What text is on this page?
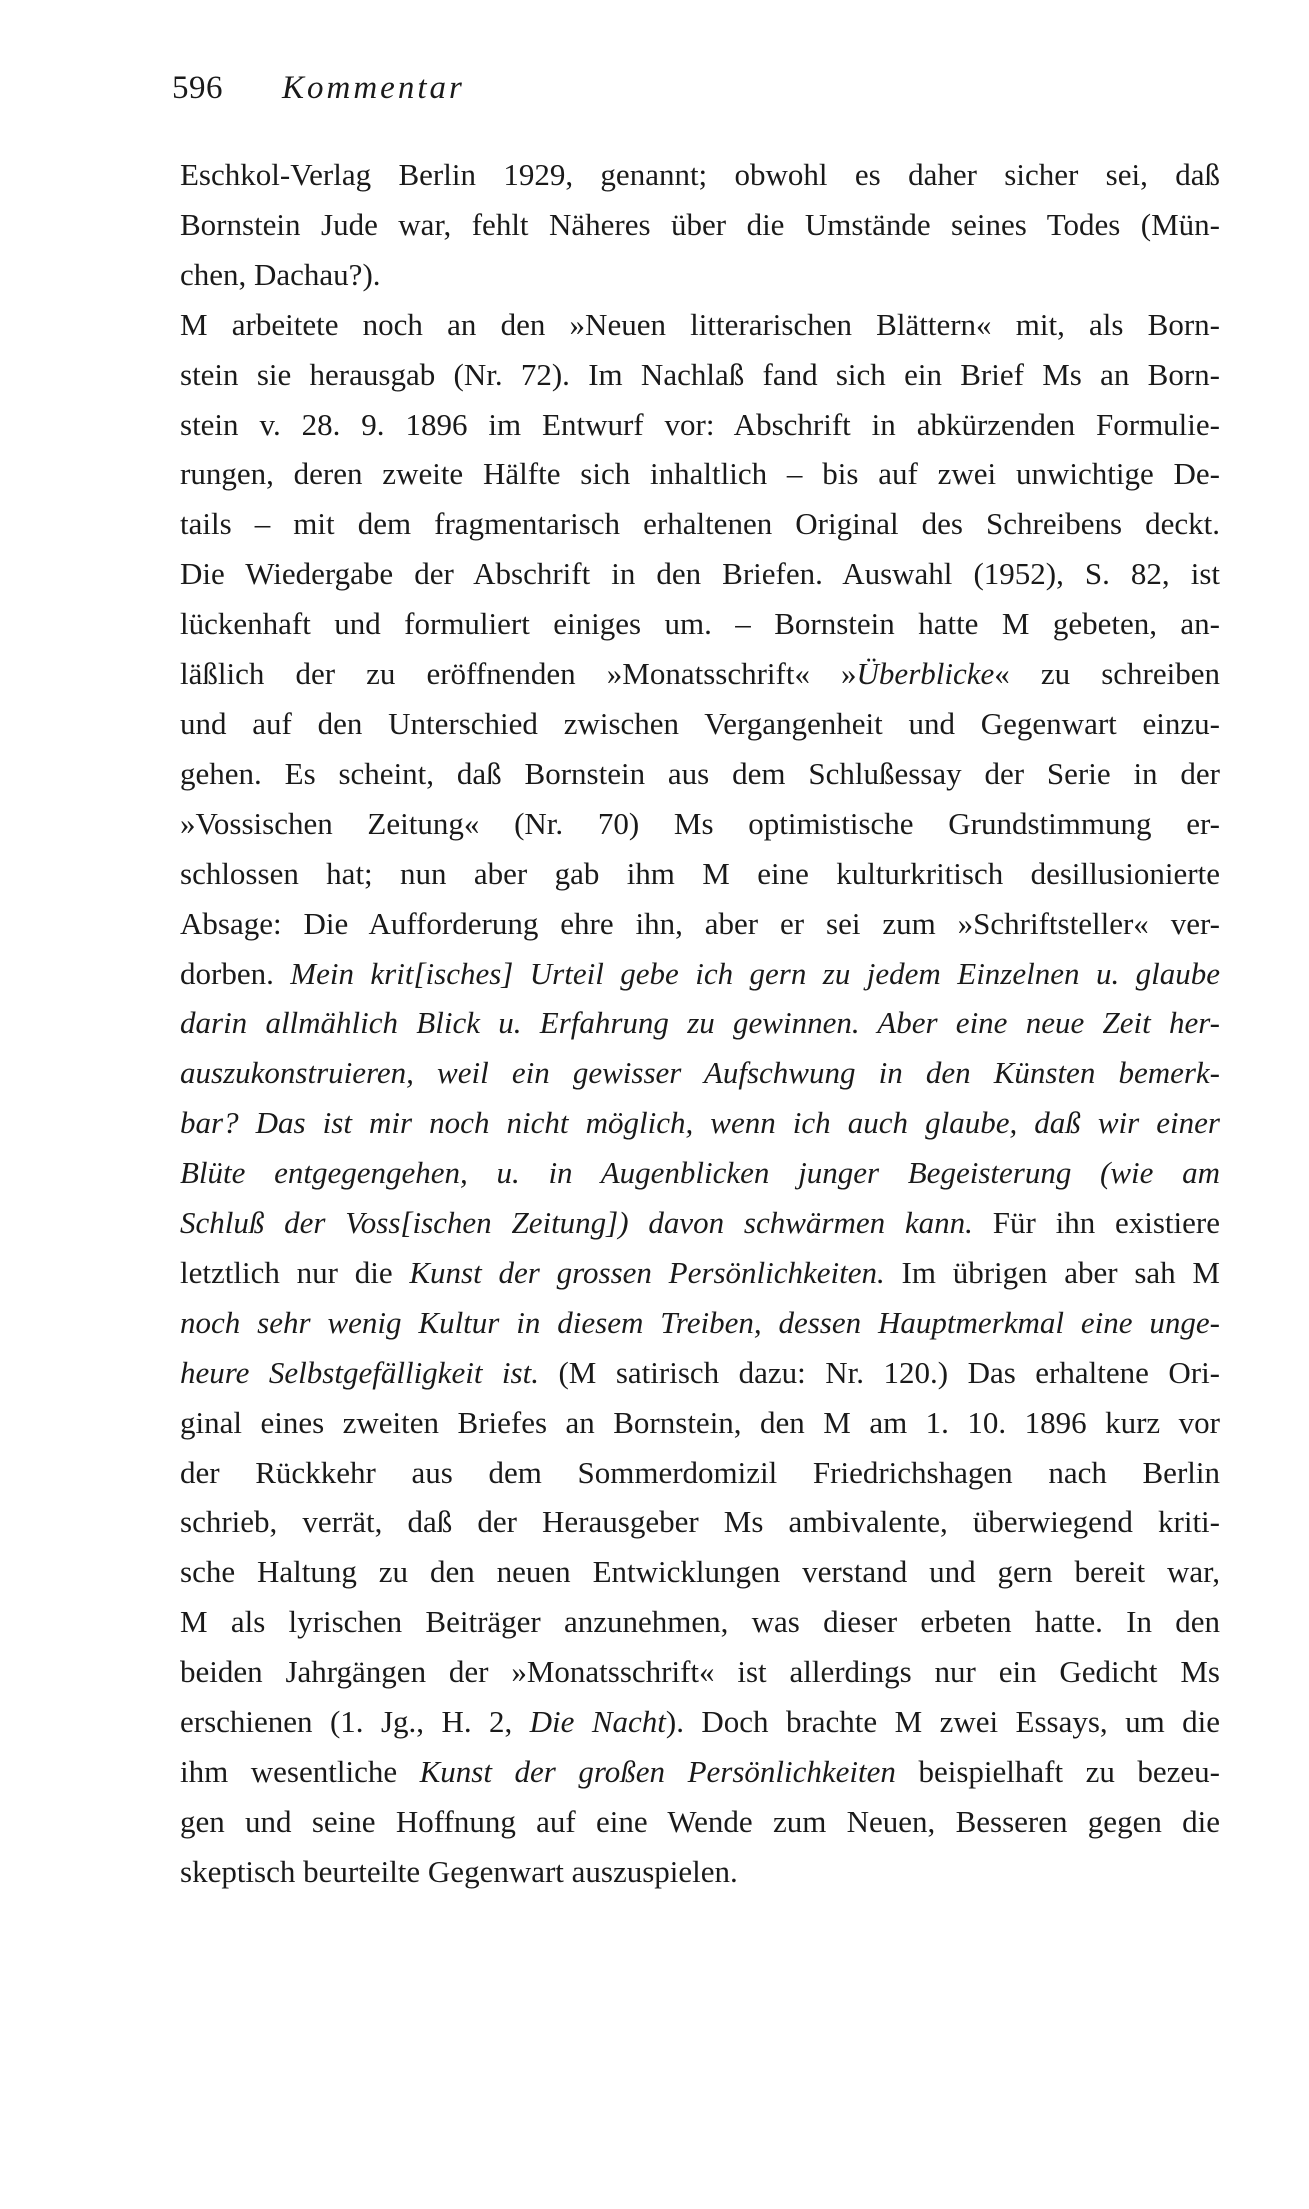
596 Kommentar
Eschkol-Verlag Berlin 1929, genannt; obwohl es daher sicher sei, daß
Bornstein Jude war, fehlt Näheres über die Umstände seines Todes (Mün-
chen, Dachau?).
M arbeitete noch an den »Neuen litterarischen Blättern« mit, als Born-
stein sie herausgab (Nr. 72). Im Nachlaß fand sich ein Brief Ms an Born-
stein v. 28. 9. 1896 im Entwurf vor: Abschrift in abkürzenden Formulie-
rungen, deren zweite Hälfte sich inhaltlich – bis auf zwei unwichtige De-
tails – mit dem fragmentarisch erhaltenen Original des Schreibens deckt.
Die Wiedergabe der Abschrift in den Briefen. Auswahl (1952), S. 82, ist
lückenhaft und formuliert einiges um. – Bornstein hatte M gebeten, an-
läßlich der zu eröffnenden »Monatsschrift« »Überblicke« zu schreiben
und auf den Unterschied zwischen Vergangenheit und Gegenwart einzu-
gehen. Es scheint, daß Bornstein aus dem Schlußessay der Serie in der
»Vossischen Zeitung« (Nr. 70) Ms optimistische Grundstimmung er-
schlossen hat; nun aber gab ihm M eine kulturkritisch desillusionierte
Absage: Die Aufforderung ehre ihn, aber er sei zum »Schriftsteller« ver-
dorben. Mein krit[isches] Urteil gebe ich gern zu jedem Einzelnen u. glaube
darin allmählich Blick u. Erfahrung zu gewinnen. Aber eine neue Zeit her-
auszukonstruieren, weil ein gewisser Aufschwung in den Künsten bemerk-
bar? Das ist mir noch nicht möglich, wenn ich auch glaube, daß wir einer
Blüte entgegengehen, u. in Augenblicken junger Begeisterung (wie am
Schluß der Voss[ischen Zeitung]) davon schwärmen kann. Für ihn existiere
letztlich nur die Kunst der grossen Persönlichkeiten. Im übrigen aber sah M
noch sehr wenig Kultur in diesem Treiben, dessen Hauptmerkmal eine unge-
heure Selbstgefälligkeit ist. (M satirisch dazu: Nr. 120.) Das erhaltene Ori-
ginal eines zweiten Briefes an Bornstein, den M am 1. 10. 1896 kurz vor
der Rückkehr aus dem Sommerdomizil Friedrichshagen nach Berlin
schrieb, verrät, daß der Herausgeber Ms ambivalente, überwiegend kriti-
sche Haltung zu den neuen Entwicklungen verstand und gern bereit war,
M als lyrischen Beiträger anzunehmen, was dieser erbeten hatte. In den
beiden Jahrgängen der »Monatsschrift« ist allerdings nur ein Gedicht Ms
erschienen (1. Jg., H. 2, Die Nacht). Doch brachte M zwei Essays, um die
ihm wesentliche Kunst der großen Persönlichkeiten beispielhaft zu bezeu-
gen und seine Hoffnung auf eine Wende zum Neuen, Besseren gegen die
skeptisch beurteilte Gegenwart auszuspielen.
